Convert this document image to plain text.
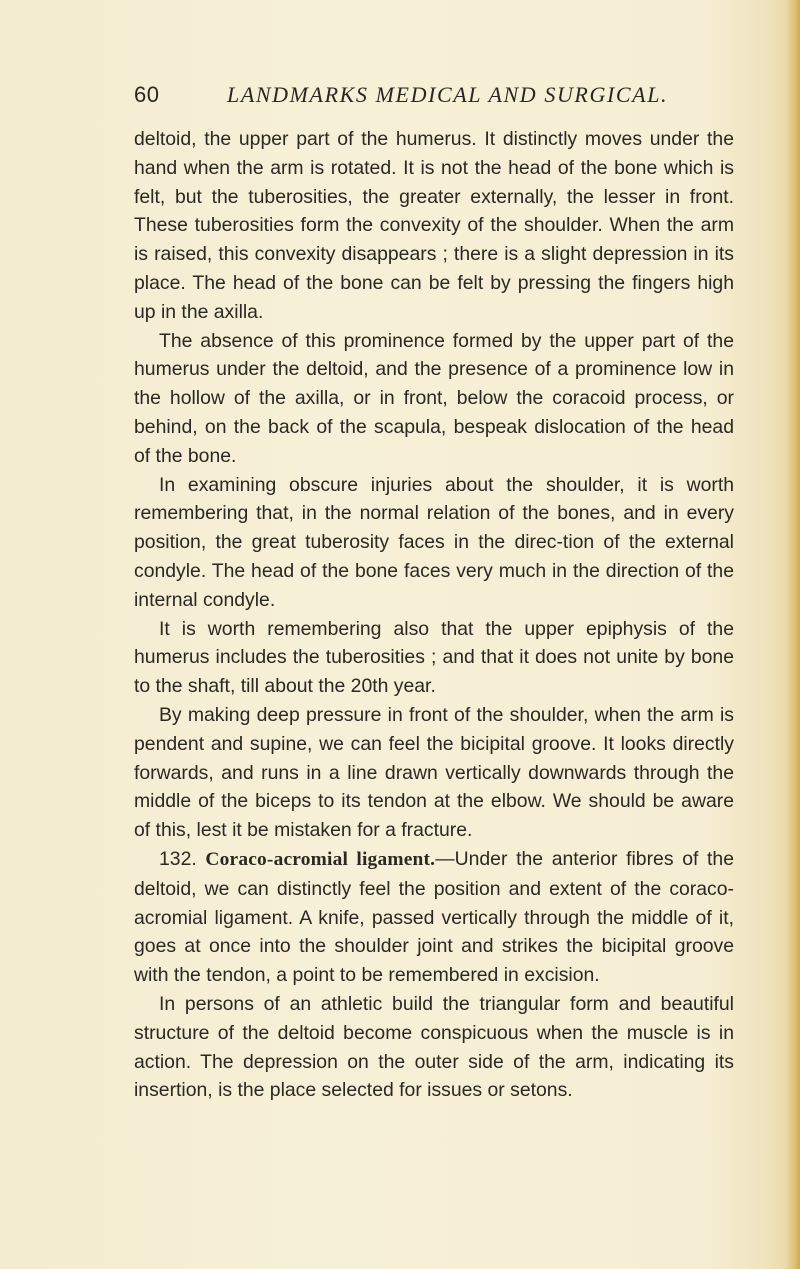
60	LANDMARKS MEDICAL AND SURGICAL.

deltoid, the upper part of the humerus. It distinctly moves under the hand when the arm is rotated. It is not the head of the bone which is felt, but the tuberosities, the greater externally, the lesser in front. These tuberosities form the convexity of the shoulder. When the arm is raised, this convexity disappears ; there is a slight depression in its place. The head of the bone can be felt by pressing the fingers high up in the axilla.

The absence of this prominence formed by the upper part of the humerus under the deltoid, and the presence of a prominence low in the hollow of the axilla, or in front, below the coracoid process, or behind, on the back of the scapula, bespeak dislocation of the head of the bone.

In examining obscure injuries about the shoulder, it is worth remembering that, in the normal relation of the bones, and in every position, the great tuberosity faces in the direc-tion of the external condyle. The head of the bone faces very much in the direction of the internal condyle.

It is worth remembering also that the upper epiphysis of the humerus includes the tuberosities ; and that it does not unite by bone to the shaft, till about the 20th year.

By making deep pressure in front of the shoulder, when the arm is pendent and supine, we can feel the bicipital groove. It looks directly forwards, and runs in a line drawn vertically downwards through the middle of the biceps to its tendon at the elbow. We should be aware of this, lest it be mistaken for a fracture.

132. Coraco-acromial ligament.—Under the anterior fibres of the deltoid, we can distinctly feel the position and extent of the coraco-acromial ligament. A knife, passed vertically through the middle of it, goes at once into the shoulder joint and strikes the bicipital groove with the tendon, a point to be remembered in excision.

In persons of an athletic build the triangular form and beautiful structure of the deltoid become conspicuous when the muscle is in action. The depression on the outer side of the arm, indicating its insertion, is the place selected for issues or setons.
